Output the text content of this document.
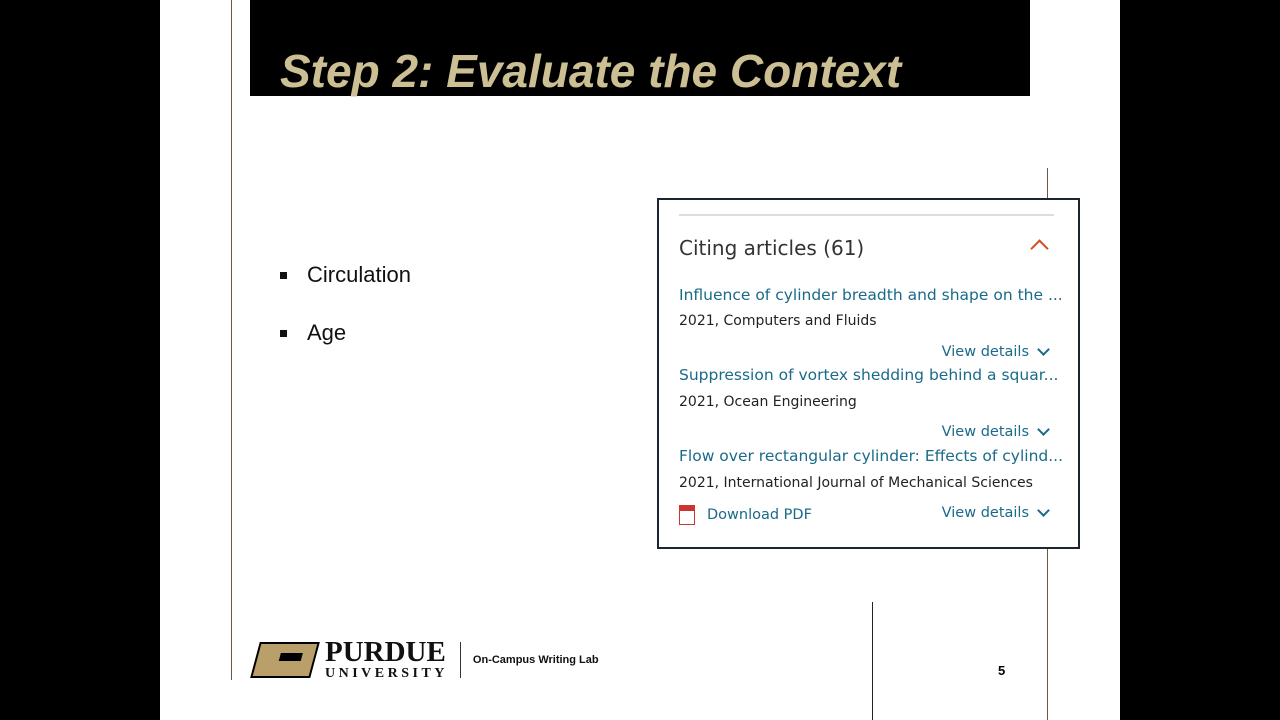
Step 2: Evaluate the Context
Circulation
Age
Citing articles (61)
Influence of cylinder breadth and shape on the ...
2021, Computers and Fluids
View details
Suppression of vortex shedding behind a squar...
2021, Ocean Engineering
View details
Flow over rectangular cylinder: Effects of cylind...
2021, International Journal of Mechanical Sciences
Download PDF	View details
PURDUE
UNIVERSITY
On-Campus Writing Lab
5
